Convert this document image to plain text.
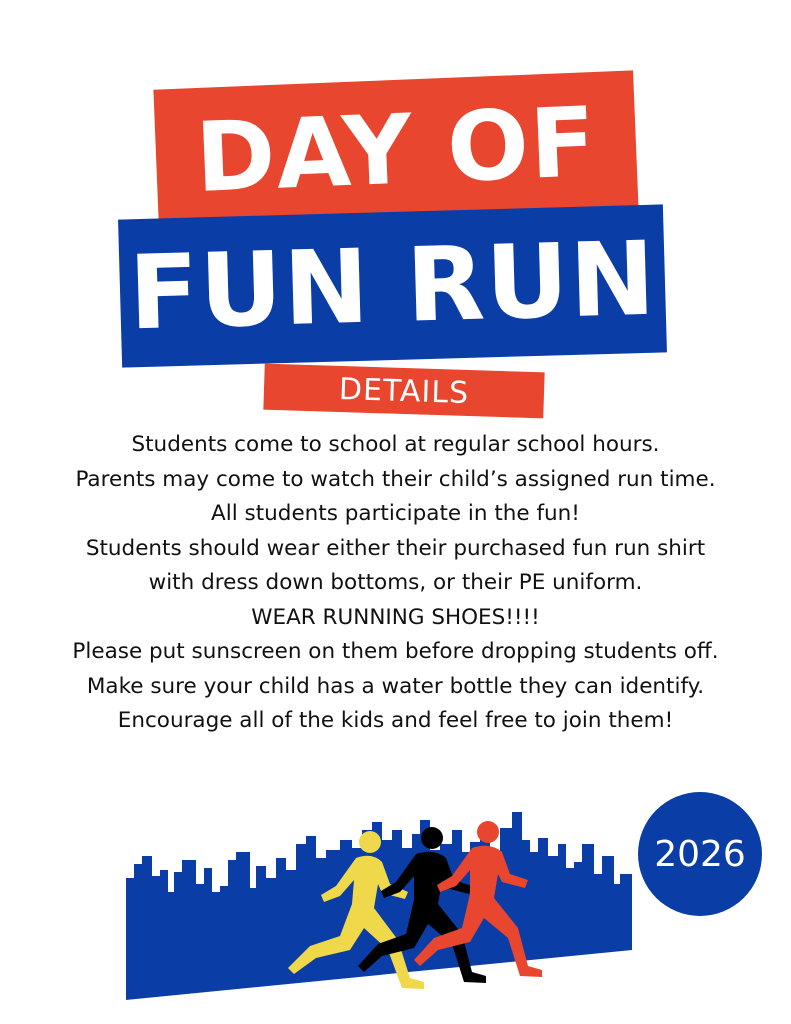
DAY OF
FUN RUN
DETAILS
Students come to school at regular school hours.
Parents may come to watch their child’s assigned run time.
All students participate in the fun!
Students should wear either their purchased fun run shirt
with dress down bottoms, or their PE uniform.
WEAR RUNNING SHOES!!!!
Please put sunscreen on them before dropping students off.
Make sure your child has a water bottle they can identify.
Encourage all of the kids and feel free to join them!
2026
